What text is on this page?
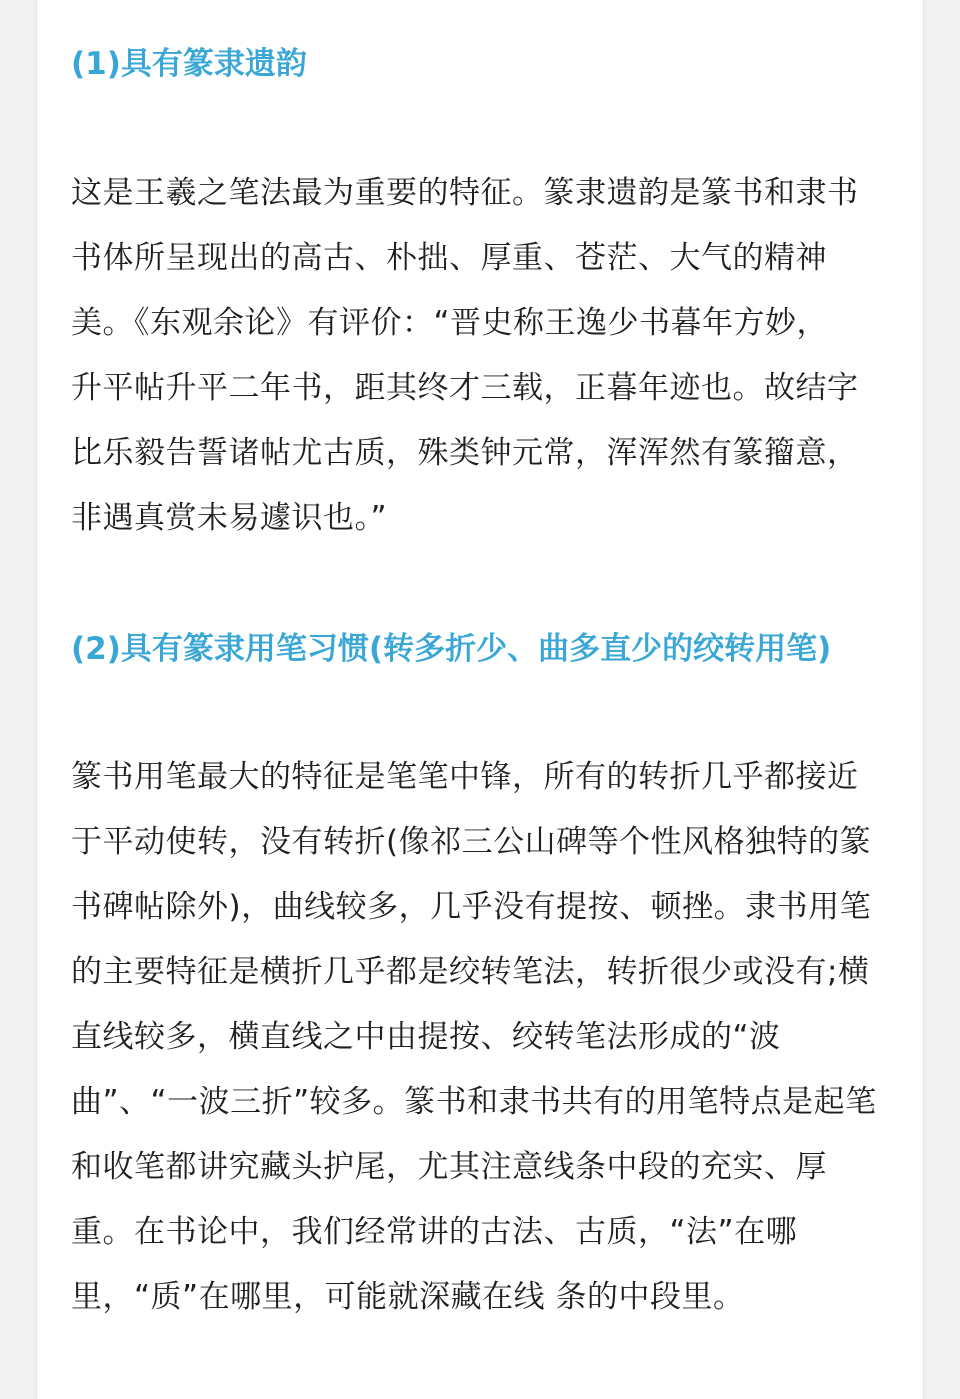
(1)具有篆隶遗韵
这是王羲之笔法最为重要的特征。篆隶遗韵是篆书和隶书
书体所呈现出的高古、朴拙、厚重、苍茫、大气的精神
美。《东观余论》有评价：“晋史称王逸少书暮年方妙，
升平帖升平二年书，距其终才三载，正暮年迹也。故结字
比乐毅告誓诸帖尤古质，殊类钟元常，浑浑然有篆籀意，
非遇真赏未易遽识也。”
(2)具有篆隶用笔习惯(转多折少、曲多直少的绞转用笔)
篆书用笔最大的特征是笔笔中锋，所有的转折几乎都接近
于平动使转，没有转折(像祁三公山碑等个性风格独特的篆
书碑帖除外)，曲线较多，几乎没有提按、顿挫。隶书用笔
的主要特征是横折几乎都是绞转笔法，转折很少或没有;横
直线较多，横直线之中由提按、绞转笔法形成的“波
曲”、“一波三折”较多。篆书和隶书共有的用笔特点是起笔
和收笔都讲究藏头护尾，尤其注意线条中段的充实、厚
重。在书论中，我们经常讲的古法、古质，“法”在哪
里，“质”在哪里，可能就深藏在线 条的中段里。
